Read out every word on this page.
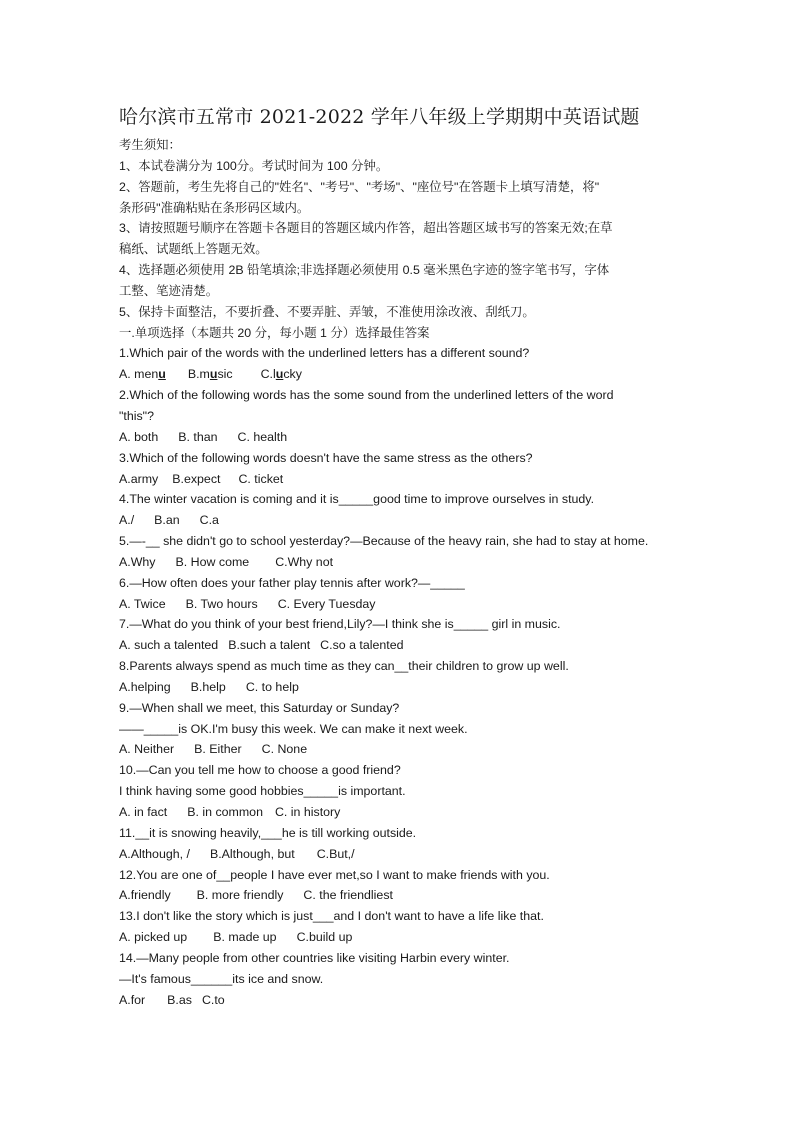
哈尔滨市五常市 2021-2022 学年八年级上学期期中英语试题
考生须知：
1、本试卷满分为 100分。考试时间为 100 分钟。
2、答题前，考生先将自己的"姓名"、"考号"、"考场"、"座位号"在答题卡上填写清楚，将"
条形码"准确粘贴在条形码区域内。
3、请按照题号顺序在答题卡各题目的答题区域内作答，超出答题区域书写的答案无效;在草
稿纸、试题纸上答题无效。
4、选择题必须使用 2B 铅笔填涂;非选择题必须使用 0.5 毫米黑色字迹的签字笔书写，字体
工整、笔迹清楚。
5、保持卡面整洁，不要折叠、不要弄脏、弄皱，不准使用涂改液、刮纸刀。
一.单项选择（本题共 20 分，每小题 1 分）选择最佳答案
1.Which pair of the words with the underlined letters has a different sound?
A. menu B.music C.lucky
2.Which of the following words has the some sound from the underlined letters of the word
"this"?
A. both B. than C. health
3.Which of the following words doesn't have the same stress as the others?
A.army B.expect C. ticket
4.The winter vacation is coming and it is_____good time to improve ourselves in study.
A./ B.an C.a
5.—-__ she didn't go to school yesterday?—Because of the heavy rain, she had to stay at home.
A.Why B. How come C.Why not
6.—How often does your father play tennis after work?—_____
A. Twice B. Two hours C. Every Tuesday
7.—What do you think of your best friend,Lily?—I think she is_____ girl in music.
A. such a talented B.such a talent C.so a talented
8.Parents always spend as much time as they can__their children to grow up well.
A.helping B.help C. to help
9.—When shall we meet, this Saturday or Sunday?
——_____is OK.I'm busy this week. We can make it next week.
A. Neither B. Either C. None
10.—Can you tell me how to choose a good friend?
I think having some good hobbies_____is important.
A. in fact B. in common C. in history
11.__it is snowing heavily,___he is till working outside.
A.Although, / B.Although, but C.But,/
12.You are one of__people I have ever met,so I want to make friends with you.
A.friendly B. more friendly C. the friendliest
13.I don't like the story which is just___and I don't want to have a life like that.
A. picked up B. made up C.build up
14.—Many people from other countries like visiting Harbin every winter.
—It's famous______its ice and snow.
A.for B.as C.to
